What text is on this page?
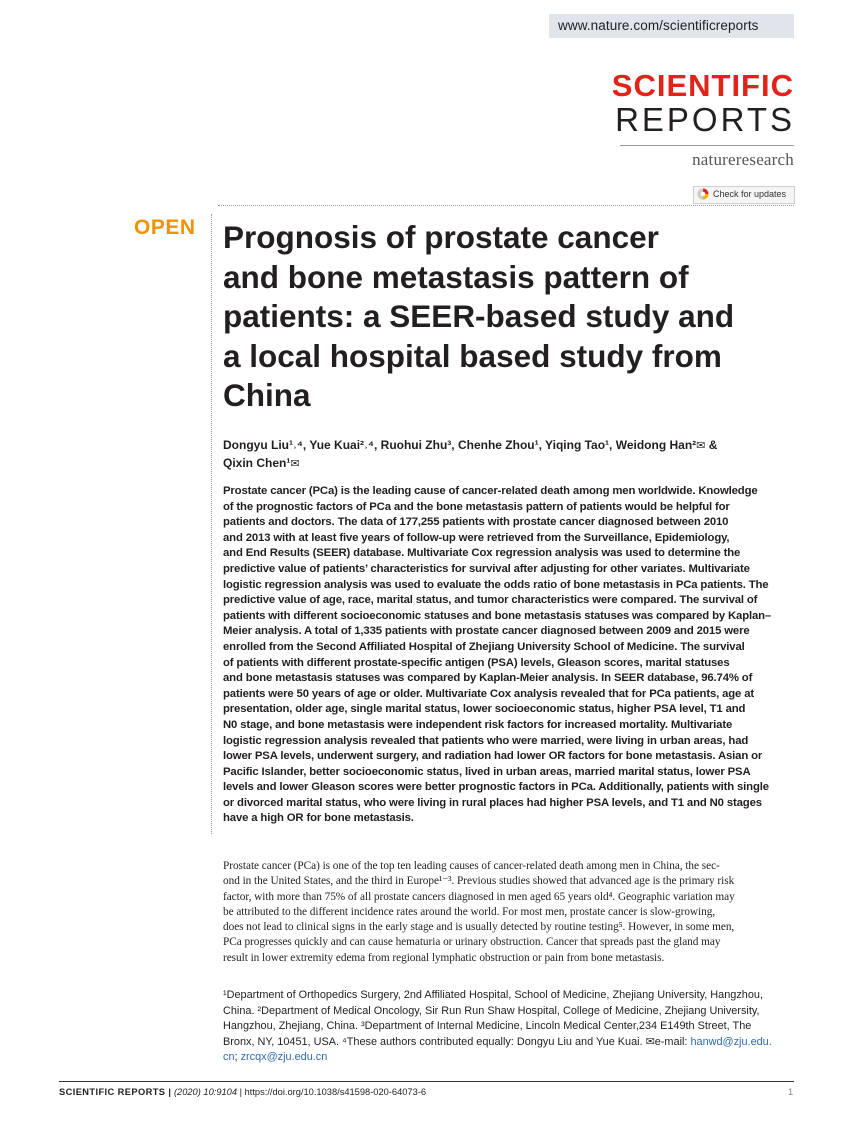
www.nature.com/scientificreports
SCIENTIFIC
REPORTS
natureresearch
Check for updates
OPEN Prognosis of prostate cancer
and bone metastasis pattern of
patients: a SEER-based study and
a local hospital based study from
China
Dongyu Liu¹˒⁴, Yue Kuai²˒⁴, Ruohui Zhu³, Chenhe Zhou¹, Yiqing Tao¹, Weidong Han²✉ &
Qixin Chen¹✉
Prostate cancer (PCa) is the leading cause of cancer-related death among men worldwide. Knowledge
of the prognostic factors of PCa and the bone metastasis pattern of patients would be helpful for
patients and doctors. The data of 177,255 patients with prostate cancer diagnosed between 2010
and 2013 with at least five years of follow-up were retrieved from the Surveillance, Epidemiology,
and End Results (SEER) database. Multivariate Cox regression analysis was used to determine the
predictive value of patients’ characteristics for survival after adjusting for other variates. Multivariate
logistic regression analysis was used to evaluate the odds ratio of bone metastasis in PCa patients. The
predictive value of age, race, marital status, and tumor characteristics were compared. The survival of
patients with different socioeconomic statuses and bone metastasis statuses was compared by Kaplan–
Meier analysis. A total of 1,335 patients with prostate cancer diagnosed between 2009 and 2015 were
enrolled from the Second Affiliated Hospital of Zhejiang University School of Medicine. The survival
of patients with different prostate-specific antigen (PSA) levels, Gleason scores, marital statuses
and bone metastasis statuses was compared by Kaplan-Meier analysis. In SEER database, 96.74% of
patients were 50 years of age or older. Multivariate Cox analysis revealed that for PCa patients, age at
presentation, older age, single marital status, lower socioeconomic status, higher PSA level, T1 and
N0 stage, and bone metastasis were independent risk factors for increased mortality. Multivariate
logistic regression analysis revealed that patients who were married, were living in urban areas, had
lower PSA levels, underwent surgery, and radiation had lower OR factors for bone metastasis. Asian or
Pacific Islander, better socioeconomic status, lived in urban areas, married marital status, lower PSA
levels and lower Gleason scores were better prognostic factors in PCa. Additionally, patients with single
or divorced marital status, who were living in rural places had higher PSA levels, and T1 and N0 stages
have a high OR for bone metastasis.
Prostate cancer (PCa) is one of the top ten leading causes of cancer-related death among men in China, the sec-
ond in the United States, and the third in Europe¹⁻³. Previous studies showed that advanced age is the primary risk
factor, with more than 75% of all prostate cancers diagnosed in men aged 65 years old⁴. Geographic variation may
be attributed to the different incidence rates around the world. For most men, prostate cancer is slow-growing,
does not lead to clinical signs in the early stage and is usually detected by routine testing⁵. However, in some men,
PCa progresses quickly and can cause hematuria or urinary obstruction. Cancer that spreads past the gland may
result in lower extremity edema from regional lymphatic obstruction or pain from bone metastasis.
¹Department of Orthopedics Surgery, 2nd Affiliated Hospital, School of Medicine, Zhejiang University, Hangzhou,
China. ²Department of Medical Oncology, Sir Run Run Shaw Hospital, College of Medicine, Zhejiang University,
Hangzhou, Zhejiang, China. ³Department of Internal Medicine, Lincoln Medical Center,234 E149th Street, The
Bronx, NY, 10451, USA. ⁴These authors contributed equally: Dongyu Liu and Yue Kuai. ✉e-mail: hanwd@zju.edu.
cn; zrcqx@zju.edu.cn
SCIENTIFIC REPORTS | (2020) 10:9104 | https://doi.org/10.1038/s41598-020-64073-6	1
